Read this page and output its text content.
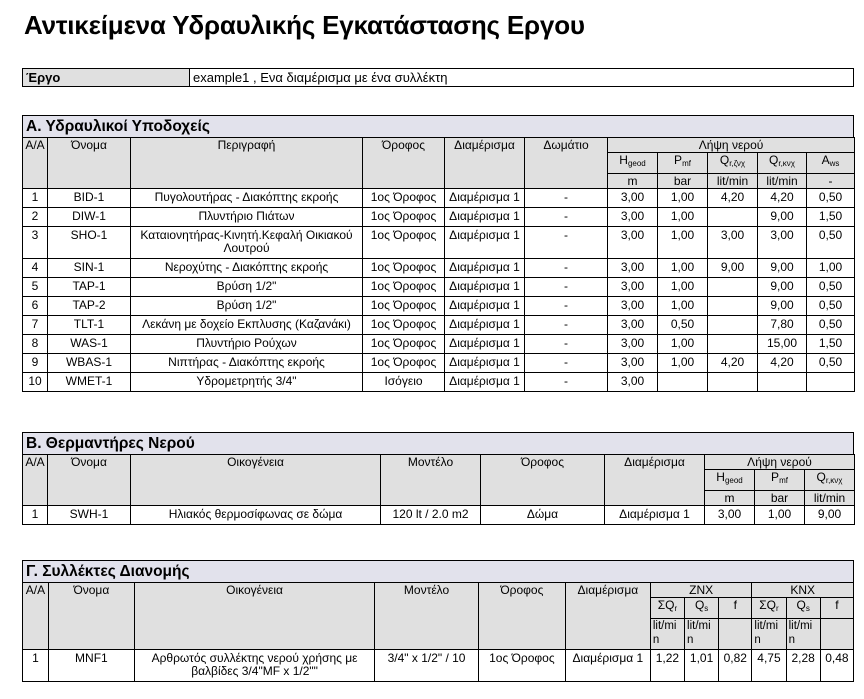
Αντικείμενα Υδραυλικής Εγκατάστασης Εργου
Έργο	example1 , Ενα διαμέρισμα με ένα συλλέκτη
Α. Υδραυλικοί Υποδοχείς
Α/Α	Όνομα	Περιγραφή	Όροφος	Διαμέρισμα	Δωμάτιο	Λήψη νερού				
						$H_{geod}$	$P_{mf}$	$Q_{r,\zeta\nu\chi}$	$Q_{r,\kappa\nu\chi}$	$A_{ws}$
						m	bar	lit/min	lit/min	-
1	BID-1	Πυγολουτήρας - Διακόπτης εκροής	1ος Όροφος	Διαμέρισμα 1	-	3,00	1,00	4,20	4,20	0,50
2	DIW-1	Πλυντήριο Πιάτων	1ος Όροφος	Διαμέρισμα 1	-	3,00	1,00		9,00	1,50
3	SHO-1	Καταιονητήρας-Κινητή.Κεφαλή Οικιακού Λουτρού	1ος Όροφος	Διαμέρισμα 1	-	3,00	1,00	3,00	3,00	0,50
4	SIN-1	Νεροχύτης - Διακόπτης εκροής	1ος Όροφος	Διαμέρισμα 1	-	3,00	1,00	9,00	9,00	1,00
5	TAP-1	Βρύση 1/2"	1ος Όροφος	Διαμέρισμα 1	-	3,00	1,00		9,00	0,50
6	TAP-2	Βρύση 1/2"	1ος Όροφος	Διαμέρισμα 1	-	3,00	1,00		9,00	0,50
7	TLT-1	Λεκάνη με δοχείο Εκπλυσης (Καζανάκι)	1ος Όροφος	Διαμέρισμα 1	-	3,00	0,50		7,80	0,50
8	WAS-1	Πλυντήριο Ρούχων	1ος Όροφος	Διαμέρισμα 1	-	3,00	1,00		15,00	1,50
9	WBAS-1	Νιπτήρας - Διακόπτης εκροής	1ος Όροφος	Διαμέρισμα 1	-	3,00	1,00	4,20	4,20	0,50
10	WMET-1	Υδρομετρητής 3/4"	Ισόγειο	Διαμέρισμα 1	-	3,00				
Β. Θερμαντήρες Νερού
Α/Α	Όνομα	Οικογένεια	Μοντέλο	Όροφος	Διαμέρισμα	Λήψη νερού		
						$H_{geod}$	$P_{mf}$	$Q_{r,\kappa\nu\chi}$
						m	bar	lit/min
1	SWH-1	Ηλιακός θερμοσίφωνας σε δώμα	120 lt / 2.0 m2	Δώμα	Διαμέρισμα 1	3,00	1,00	9,00
Γ. Συλλέκτες Διανομής
Α/Α	Όνομα	Οικογένεια	Μοντέλο	Όροφος	Διαμέρισμα	ZNX			KNX		
						$\Sigma Q_r$	$Q_s$	f	$\Sigma Q_r$	$Q_s$	f
						lit/min	lit/min		lit/min	lit/min	
1	MNF1	Αρθρωτός συλλέκτης νερού χρήσης με βαλβίδες 3/4"MF x 1/2""	3/4" x 1/2" / 10	1ος Όροφος	Διαμέρισμα 1	1,22	1,01	0,82	4,75	2,28	0,48
